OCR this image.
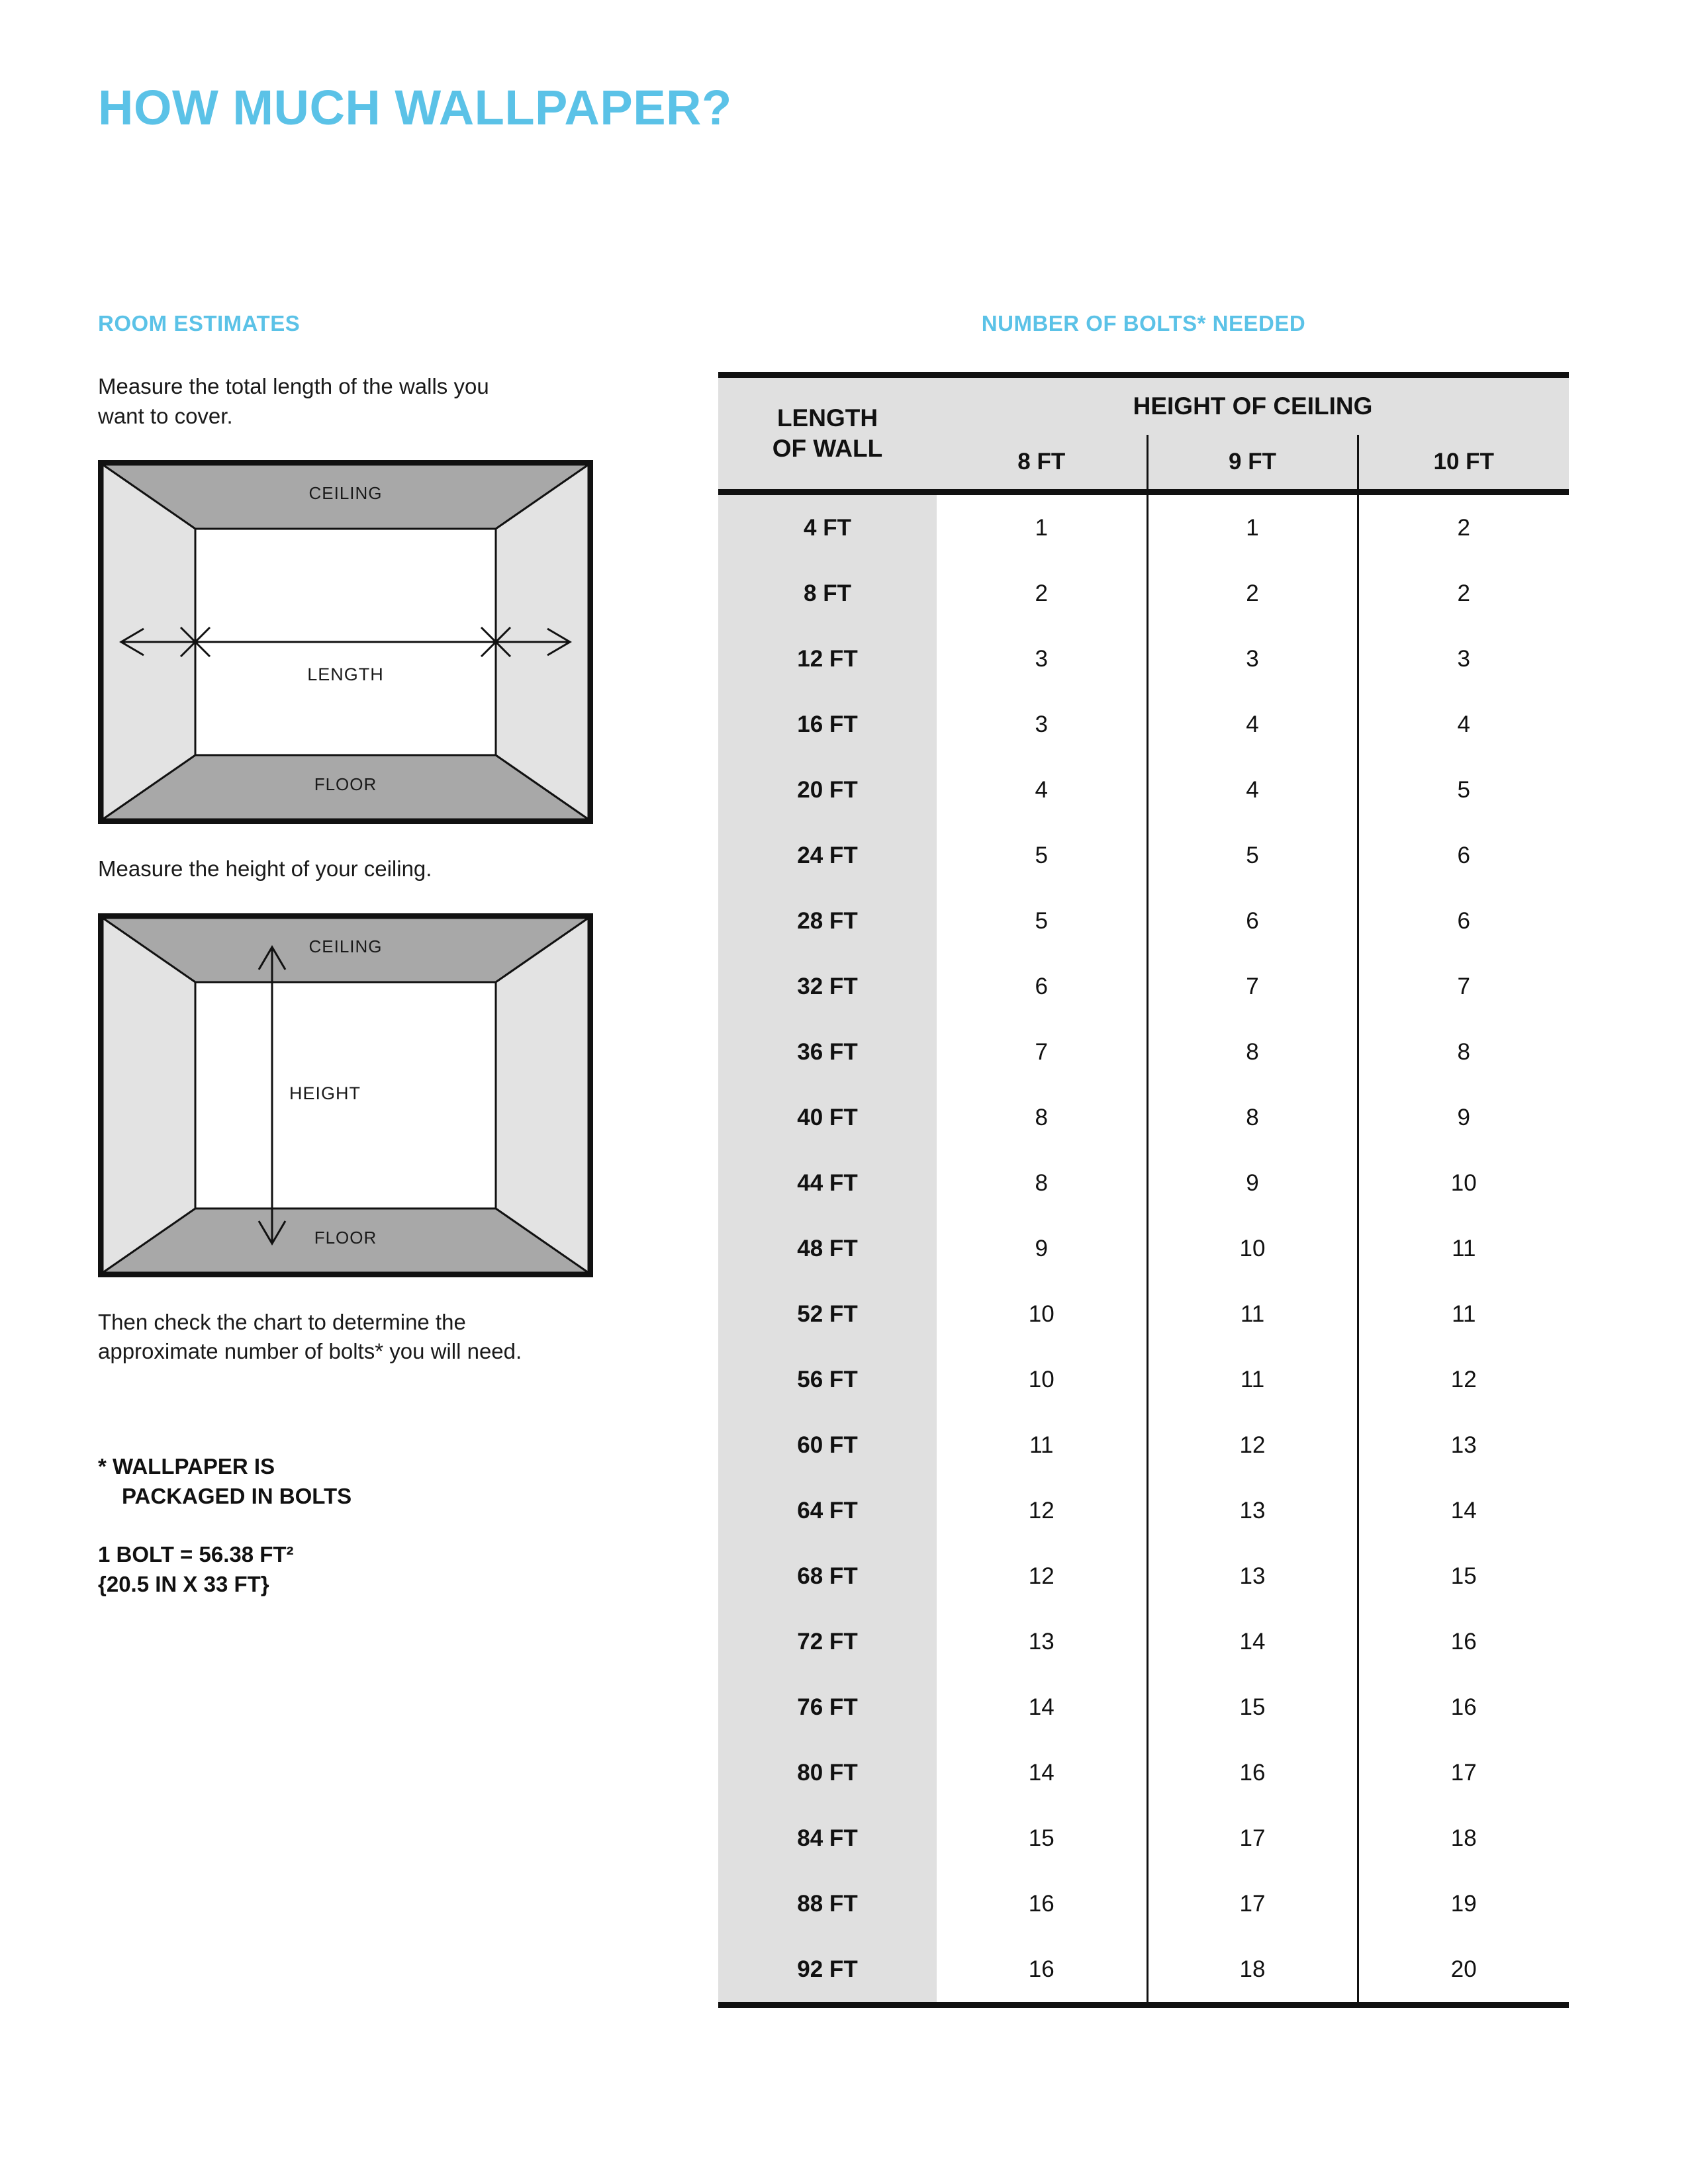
HOW MUCH WALLPAPER?
ROOM ESTIMATES
Measure the total length of the walls you want to cover.
CEILING
FLOOR
LENGTH
Measure the height of your ceiling.
CEILING
FLOOR
HEIGHT
Then check the chart to determine the approximate number of bolts* you will need.
* WALLPAPER IS
PACKAGED IN BOLTS
1 BOLT = 56.38 FT²
{20.5 IN X 33 FT}
NUMBER OF BOLTS* NEEDED
LENGTH
OF WALL	HEIGHT OF CEILING		
	8 FT	9 FT	10 FT
4 FT	1	1	2
8 FT	2	2	2
12 FT	3	3	3
16 FT	3	4	4
20 FT	4	4	5
24 FT	5	5	6
28 FT	5	6	6
32 FT	6	7	7
36 FT	7	8	8
40 FT	8	8	9
44 FT	8	9	10
48 FT	9	10	11
52 FT	10	11	11
56 FT	10	11	12
60 FT	11	12	13
64 FT	12	13	14
68 FT	12	13	15
72 FT	13	14	16
76 FT	14	15	16
80 FT	14	16	17
84 FT	15	17	18
88 FT	16	17	19
92 FT	16	18	20
